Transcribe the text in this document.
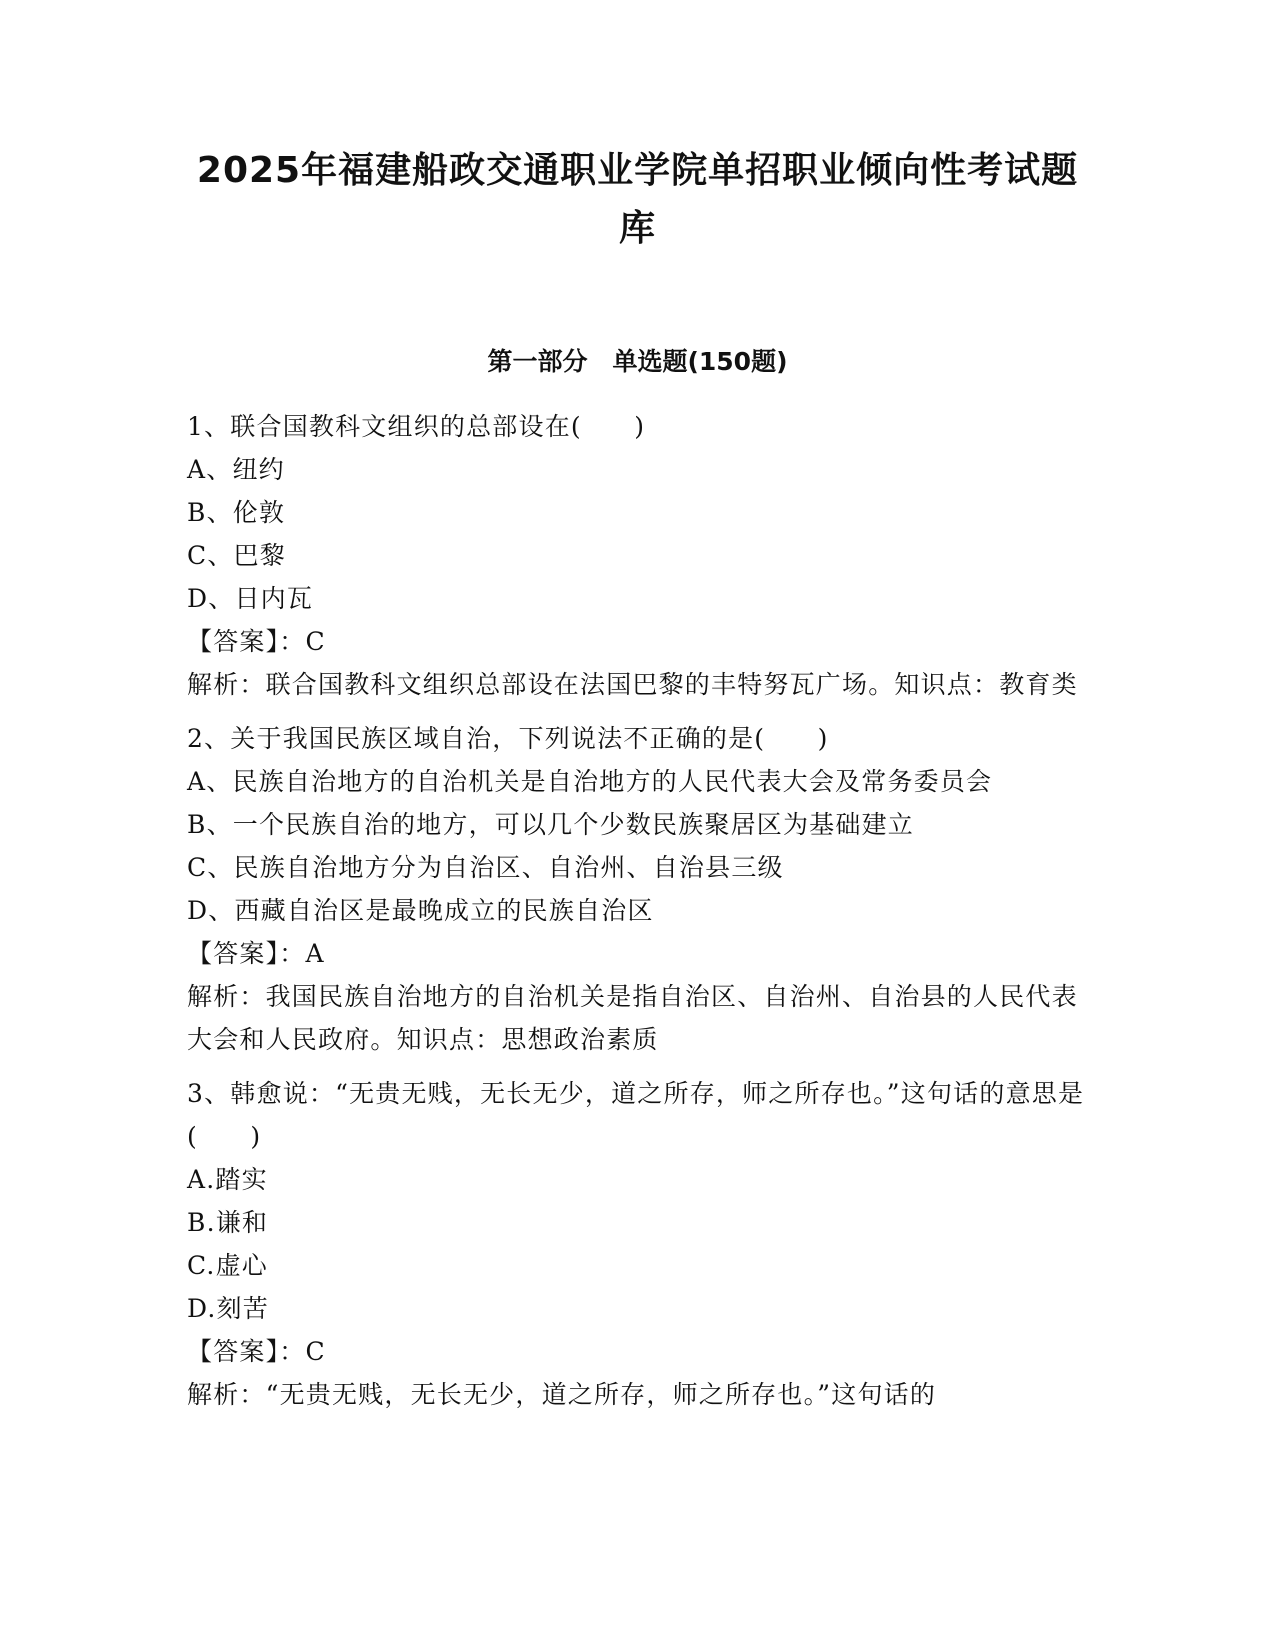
2025年福建船政交通职业学院单招职业倾向性考试题库
第一部分　单选题(150题)
1、联合国教科文组织的总部设在(　　)
A、纽约
B、伦敦
C、巴黎
D、日内瓦
【答案】：C
解析：联合国教科文组织总部设在法国巴黎的丰特努瓦广场。知识点：教育类
2、关于我国民族区域自治，下列说法不正确的是(　　)
A、民族自治地方的自治机关是自治地方的人民代表大会及常务委员会
B、一个民族自治的地方，可以几个少数民族聚居区为基础建立
C、民族自治地方分为自治区、自治州、自治县三级
D、西藏自治区是最晚成立的民族自治区
【答案】：A
解析：我国民族自治地方的自治机关是指自治区、自治州、自治县的人民代表大会和人民政府。知识点：思想政治素质
3、韩愈说：“无贵无贱，无长无少，道之所存，师之所存也。”这句话的意思是(　　)
A.踏实
B.谦和
C.虚心
D.刻苦
【答案】：C
解析：“无贵无贱，无长无少，道之所存，师之所存也。”这句话的
